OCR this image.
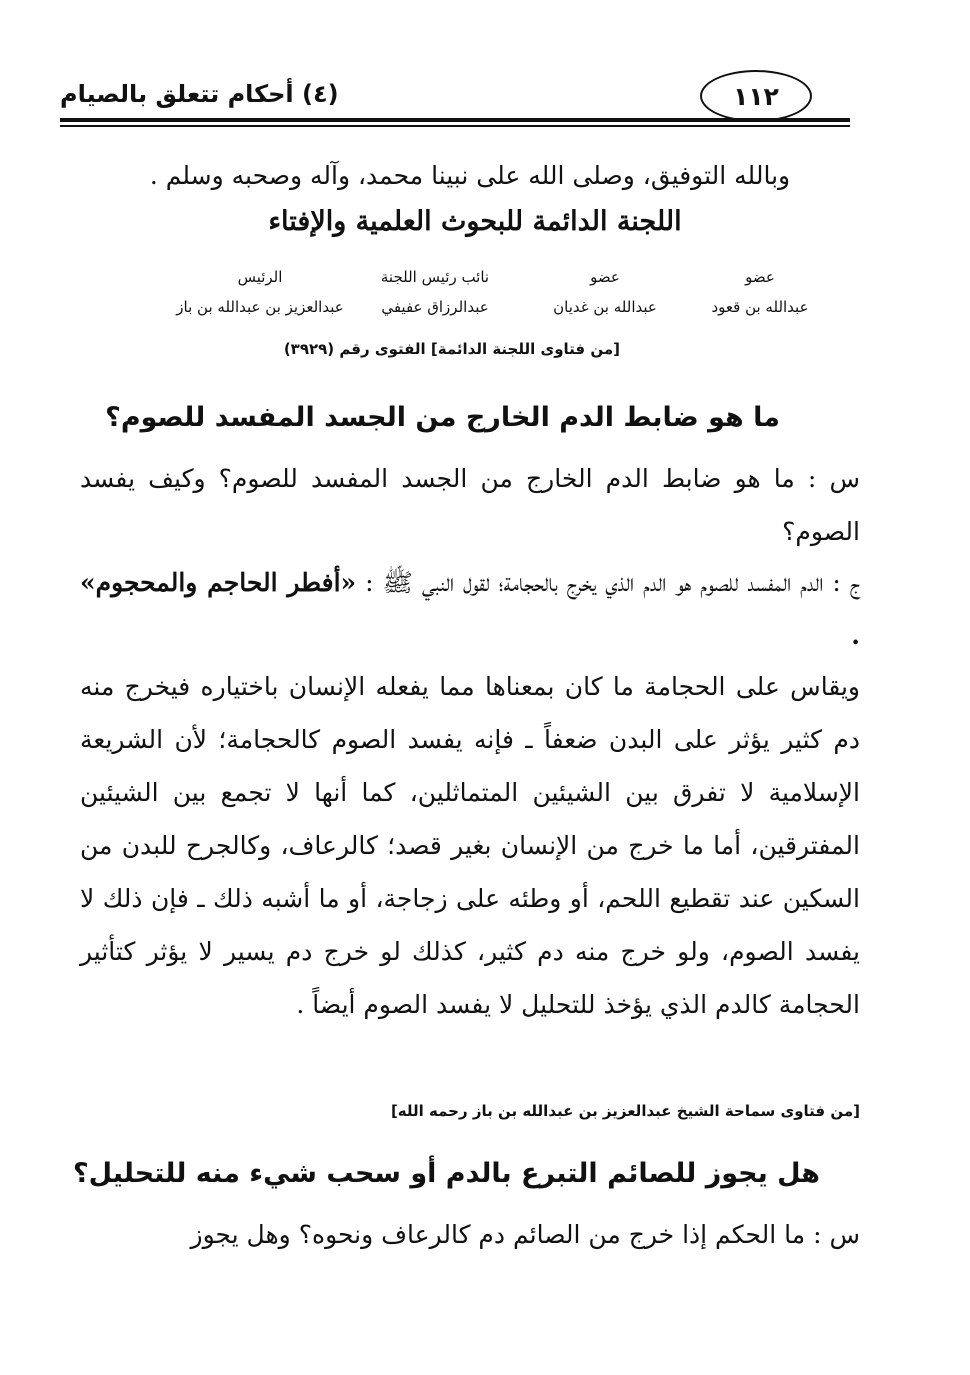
(٤) أحكام تتعلق بالصيام	١١٢
وبالله التوفيق، وصلى الله على نبينا محمد، وآله وصحبه وسلم .
اللجنة الدائمة للبحوث العلمية والإفتاء
عضو
عبدالله بن قعود
عضو
عبدالله بن غديان
نائب رئيس اللجنة
عبدالرزاق عفيفي
الرئيس
عبدالعزيز بن عبدالله بن باز
[من فتاوى اللجنة الدائمة] الفتوى رقم (٣٩٢٩)
ما هو ضابط الدم الخارج من الجسد المفسد للصوم؟
س : ما هو ضابط الدم الخارج من الجسد المفسد للصوم؟ وكيف يفسد الصوم؟
ج : الدم المفسد للصوم هو الدم الذي يخرج بالحجامة؛ لقول النبي ﷺ : «أفطر الحاجم والمحجوم» .
ويقاس على الحجامة ما كان بمعناها مما يفعله الإنسان باختياره فيخرج منه دم كثير يؤثر على البدن ضعفاً ـ فإنه يفسد الصوم كالحجامة؛ لأن الشريعة الإسلامية لا تفرق بين الشيئين المتماثلين، كما أنها لا تجمع بين الشيئين المفترقين، أما ما خرج من الإنسان بغير قصد؛ كالرعاف، وكالجرح للبدن من السكين عند تقطيع اللحم، أو وطئه على زجاجة، أو ما أشبه ذلك ـ فإن ذلك لا يفسد الصوم، ولو خرج منه دم كثير، كذلك لو خرج دم يسير لا يؤثر كتأثير الحجامة كالدم الذي يؤخذ للتحليل لا يفسد الصوم أيضاً .
[من فتاوى سماحة الشيخ عبدالعزيز بن عبدالله بن باز رحمه الله]
هل يجوز للصائم التبرع بالدم أو سحب شيء منه للتحليل؟
س : ما الحكم إذا خرج من الصائم دم كالرعاف ونحوه؟ وهل يجوز
